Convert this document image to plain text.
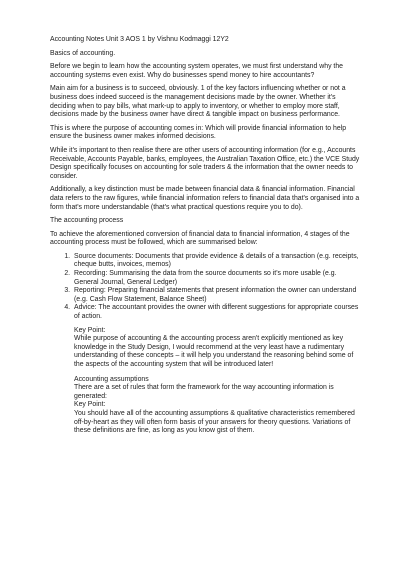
Accounting Notes Unit 3 AOS 1 by Vishnu Kodmaggi 12Y2

Basics of accounting.

Before we begin to learn how the accounting system operates, we must first understand why the accounting systems even exist. Why do businesses spend money to hire accountants?

Main aim for a business is to succeed, obviously. 1 of the key factors influencing whether or not a business does indeed succeed is the management decisions made by the owner. Whether it's deciding when to pay bills, what mark-up to apply to inventory, or whether to employ more staff, decisions made by the business owner have direct & tangible impact on business performance.

This is where the purpose of accounting comes in: Which will provide financial information to help ensure the business owner makes informed decisions.

While it's important to then realise there are other users of accounting information (for e.g., Accounts Receivable, Accounts Payable, banks, employees, the Australian Taxation Office, etc.) the VCE Study Design specifically focuses on accounting for sole traders & the information that the owner needs to consider.

Additionally, a key distinction must be made between financial data & financial information. Financial data refers to the raw figures, while financial information refers to financial data that's organised into a form that's more understandable (that's what practical questions require you to do).

The accounting process

To achieve the aforementioned conversion of financial data to financial information, 4 stages of the accounting process must be followed, which are summarised below:

1. Source documents: Documents that provide evidence & details of a transaction (e.g. receipts, cheque butts, invoices, memos)
2. Recording: Summarising the data from the source documents so it's more usable (e.g. General Journal, General Ledger)
3. Reporting: Preparing financial statements that present information the owner can understand (e.g. Cash Flow Statement, Balance Sheet)
4. Advice: The accountant provides the owner with different suggestions for appropriate courses of action.

Key Point:

While purpose of accounting & the accounting process aren't explicitly mentioned as key knowledge in the Study Design, I would recommend at the very least have a rudimentary understanding of these concepts – it will help you understand the reasoning behind some of the aspects of the accounting system that will be introduced later!

Accounting assumptions

There are a set of rules that form the framework for the way accounting information is generated:

Key Point:

You should have all of the accounting assumptions & qualitative characteristics remembered off-by-heart as they will often form basis of your answers for theory questions. Variations of these definitions are fine, as long as you know gist of them.
